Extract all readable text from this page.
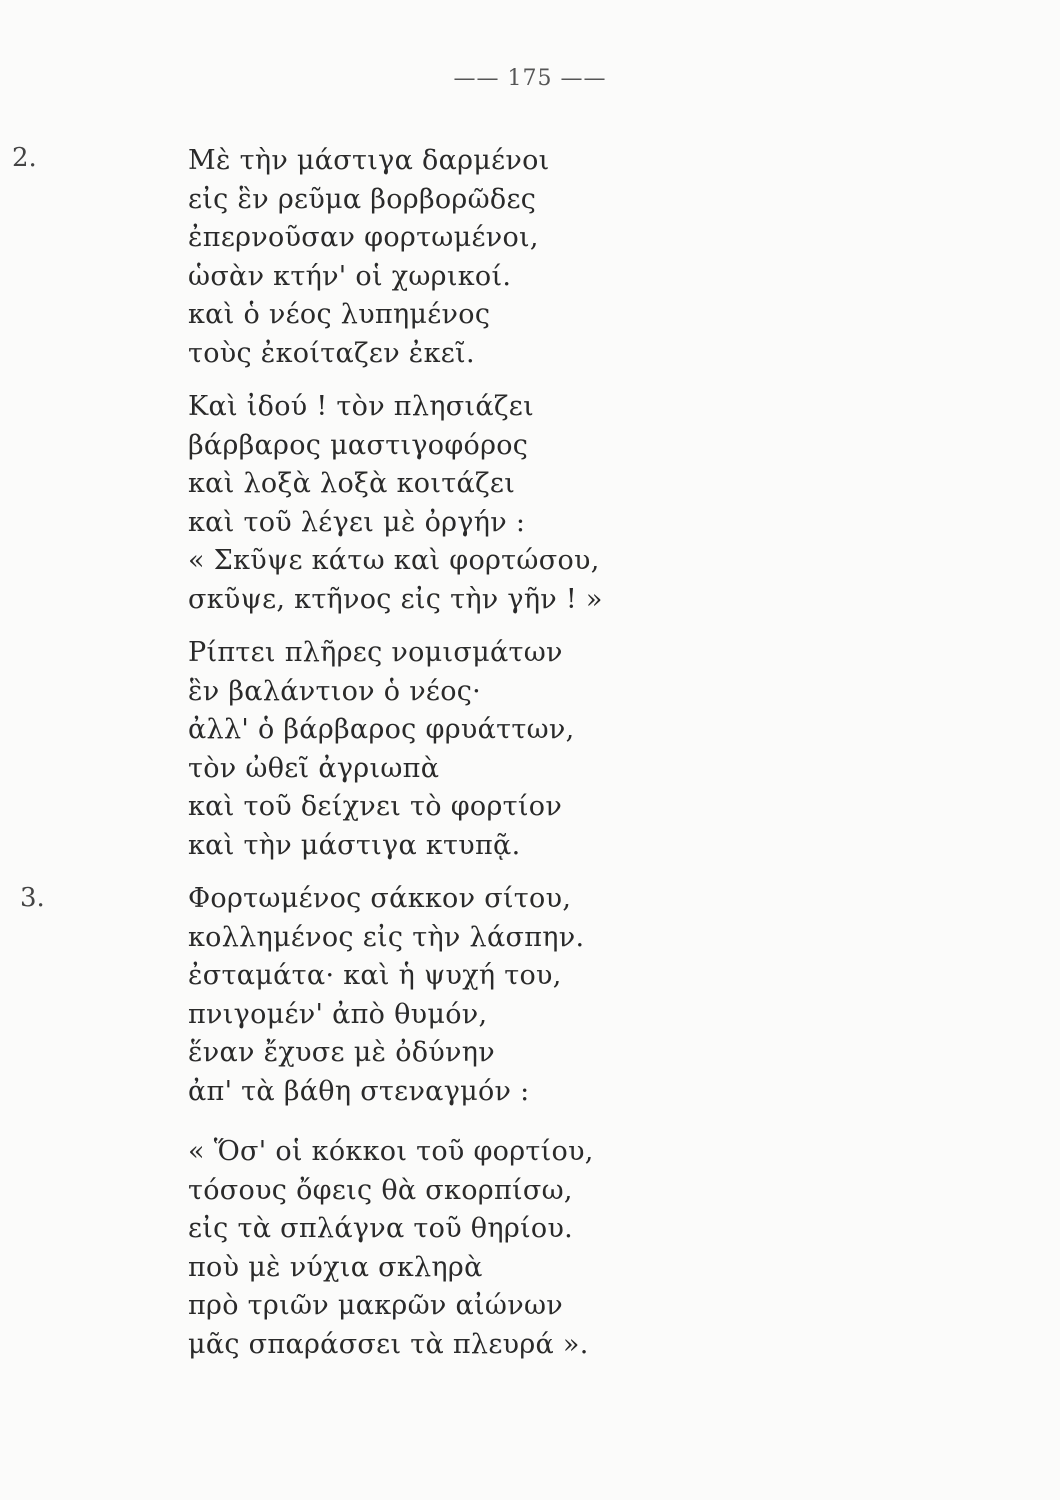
—— 175 ——
2.	Μὲ τὴν μάστιγα δαρμένοι
εἰς ἓν ρεῦμα βορβορῶδες
ἐπερνοῦσαν φορτωμένοι,
ὡσὰν κτήν' οἱ χωρικοί.
καὶ ὁ νέος λυπημένος
τοὺς ἐκοίταζεν ἐκεῖ.
Καὶ ἰδού ! τὸν πλησιάζει
βάρβαρος μαστιγοφόρος
καὶ λοξὰ λοξὰ κοιτάζει
καὶ τοῦ λέγει μὲ ὀργήν :
« Σκῦψε κάτω καὶ φορτώσου,
σκῦψε, κτῆνος εἰς τὴν γῆν ! »
Ρίπτει πλῆρες νομισμάτων
ἓν βαλάντιον ὁ νέος·
ἀλλ' ὁ βάρβαρος φρυάττων,
τὸν ὠθεῖ ἀγριωπὰ
καὶ τοῦ δείχνει τὸ φορτίον
καὶ τὴν μάστιγα κτυπᾷ.
3.	Φορτωμένος σάκκον σίτου,
κολλημένος εἰς τὴν λάσπην.
ἐσταμάτα· καὶ ἡ ψυχή του,
πνιγομέν' ἀπὸ θυμόν,
ἕναν ἔχυσε μὲ ὀδύνην
ἀπ' τὰ βάθη στεναγμόν :
« Ὅσ' οἱ κόκκοι τοῦ φορτίου,
τόσους ὄφεις θὰ σκορπίσω,
εἰς τὰ σπλάγνα τοῦ θηρίου.
ποὺ μὲ νύχια σκληρὰ
πρὸ τριῶν μακρῶν αἰώνων
μᾶς σπαράσσει τὰ πλευρά ».
